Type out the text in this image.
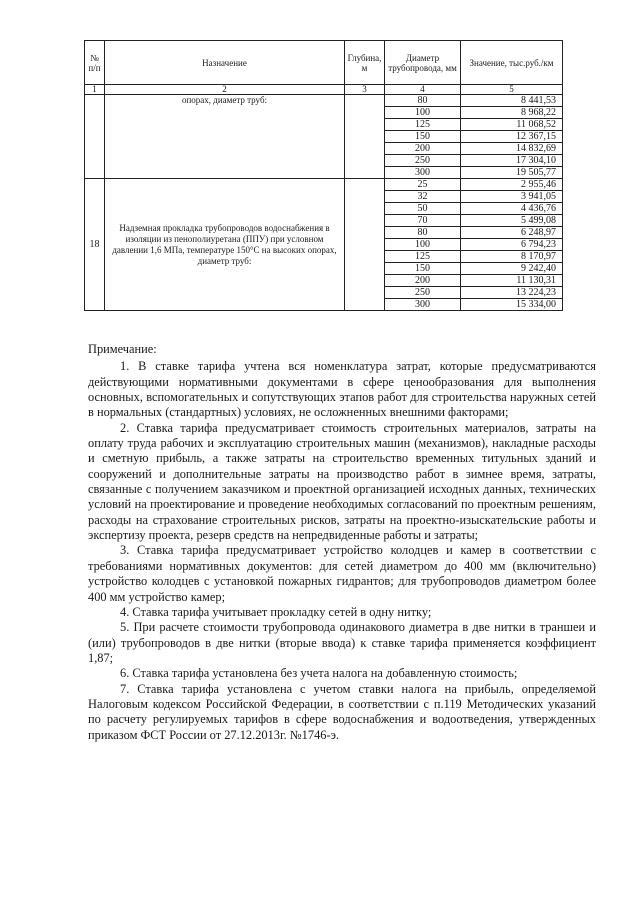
№ п/п	Назначение	Глубина, м	Диаметр трубопровода, мм	Значение, тыс.руб./км
1	2	3	4	5
	опорах, диаметр труб:		80	8 441,53
			100	8 968,22
			125	11 068,52
			150	12 367,15
			200	14 832,69
			250	17 304,10
			300	19 505,77
18	Надземная прокладка трубопроводов водоснабжения в изоляции из пенополиуретана (ППУ) при условном давлении 1,6 МПа, температуре 150°С на высоких опорах, диаметр труб:		25	2 955,46
			32	3 941,05
			50	4 436,76
			70	5 499,08
			80	6 248,97
			100	6 794,23
			125	8 170,97
			150	9 242,40
			200	11 130,31
			250	13 224,23
			300	15 334,00
Примечание:

1. В ставке тарифа учтена вся номенклатура затрат, которые предусматриваются действующими нормативными документами в сфере ценообразования для выполнения основных, вспомогательных и сопутствующих этапов работ для строительства наружных сетей в нормальных (стандартных) условиях, не осложненных внешними факторами;

2. Ставка тарифа предусматривает стоимость строительных материалов, затраты на оплату труда рабочих и эксплуатацию строительных машин (механизмов), накладные расходы и сметную прибыль, а также затраты на строительство временных титульных зданий и сооружений и дополнительные затраты на производство работ в зимнее время, затраты, связанные с получением заказчиком и проектной организацией исходных данных, технических условий на проектирование и проведение необходимых согласований по проектным решениям, расходы на страхование строительных рисков, затраты на проектно-изыскательские работы и экспертизу проекта, резерв средств на непредвиденные работы и затраты;

3. Ставка тарифа предусматривает устройство колодцев и камер в соответствии с требованиями нормативных документов: для сетей диаметром до 400 мм (включительно) устройство колодцев с установкой пожарных гидрантов; для трубопроводов диаметром более 400 мм устройство камер;

4. Ставка тарифа учитывает прокладку сетей в одну нитку;

5. При расчете стоимости трубопровода одинакового диаметра в две нитки в траншеи и (или) трубопроводов в две нитки (вторые ввода) к ставке тарифа применяется коэффициент 1,87;

6. Ставка тарифа установлена без учета налога на добавленную стоимость;

7. Ставка тарифа установлена с учетом ставки налога на прибыль, определяемой Налоговым кодексом Российской Федерации, в соответствии с п.119 Методических указаний по расчету регулируемых тарифов в сфере водоснабжения и водоотведения, утвержденных приказом ФСТ России от 27.12.2013г. №1746-э.
